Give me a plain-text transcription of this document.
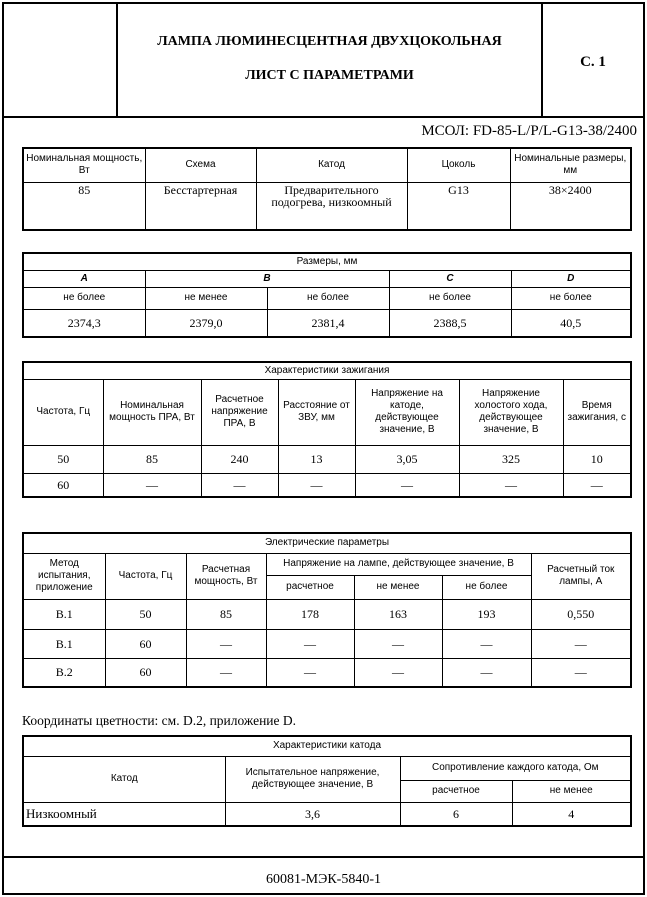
ЛАМПА ЛЮМИНЕСЦЕНТНАЯ ДВУХЦОКОЛЬНАЯ
ЛИСТ С ПАРАМЕТРАМИ
С. 1
МСОЛ: FD-85-L/P/L-G13-38/2400
Номинальная мощность, Вт	Схема	Катод	Цоколь	Номинальные размеры, мм
85	Бесстартерная	Предварительного подогрева, низкоомный	G13	38×2400
Размеры, мм				
A	B		C	D
не более	не менее	не более	не более	не более
2374,3	2379,0	2381,4	2388,5	40,5
Характеристики зажигания						
Частота, Гц	Номинальная мощность ПРА, Вт	Расчетное напряжение ПРА, В	Расстояние от ЗВУ, мм	Напряжение на катоде, действующее значение, В	Напряжение холостого хода, действующее значение, В	Время зажигания, с
50	85	240	13	3,05	325	10
60	—	—	—	—	—	—
Электрические параметры						
Метод испытания, приложение	Частота, Гц	Расчетная мощность, Вт	Напряжение на лампе, действующее значение, В			Расчетный ток лампы, А
			расчетное	не менее	не более	
B.1	50	85	178	163	193	0,550
B.1	60	—	—	—	—	—
B.2	60	—	—	—	—	—
Координаты цветности: см. D.2, приложение D.
Характеристики катода			
Катод	Испытательное напряжение, действующее значение, В	Сопротивление каждого катода, Ом	
		расчетное	не менее
Низкоомный	3,6	6	4
60081-МЭК-5840-1
